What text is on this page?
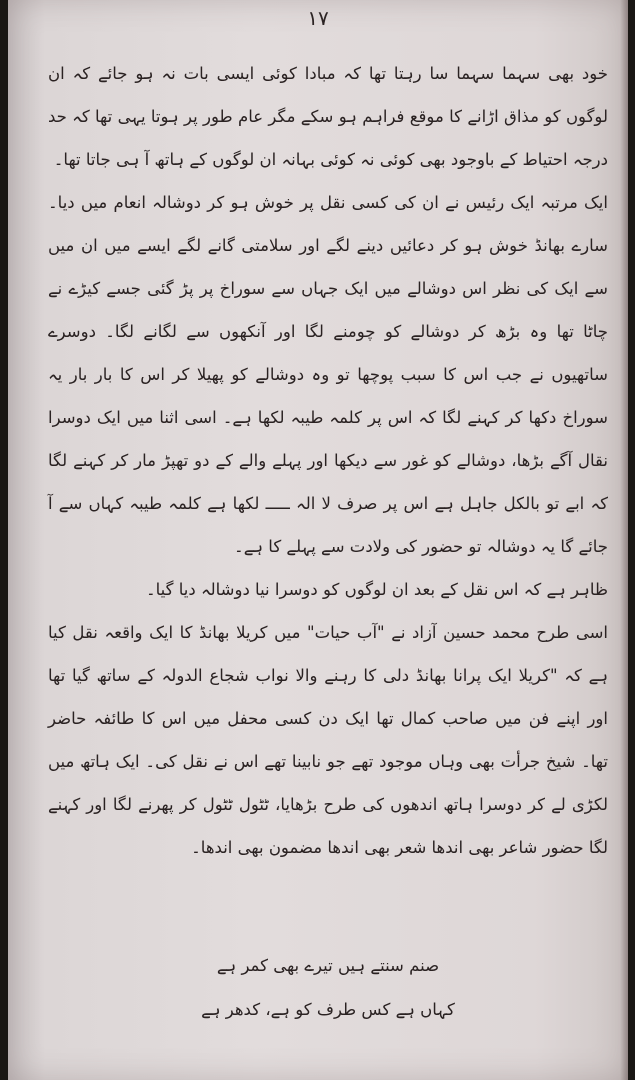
۱۷

خود بھی سہما سہما سا رہتا تھا کہ مبادا کوئی ایسی بات نہ ہو جائے کہ ان لوگوں کو مذاق اڑانے کا موقع فراہم ہو سکے مگر عام طور پر ہوتا یہی تھا کہ حد درجہ احتیاط کے باوجود بھی کوئی نہ کوئی بہانہ ان لوگوں کے ہاتھ آ ہی جاتا تھا۔

ایک مرتبہ ایک رئیس نے ان کی کسی نقل پر خوش ہو کر دوشالہ انعام میں دیا۔ سارے بھانڈ خوش ہو کر دعائیں دینے لگے اور سلامتی گانے لگے ایسے میں ان میں سے ایک کی نظر اس دوشالے میں ایک جہاں سے سوراخ پر پڑ گئی جسے کیڑے نے چاٹا تھا وہ بڑھ کر دوشالے کو چومنے لگا اور آنکھوں سے لگانے لگا۔ دوسرے ساتھیوں نے جب اس کا سبب پوچھا تو وہ دوشالے کو پھیلا کر اس کا بار بار یہ سوراخ دکھا کر کہنے لگا کہ اس پر کلمہ طیبہ لکھا ہے۔ اسی اثنا میں ایک دوسرا نقال آگے بڑھا، دوشالے کو غور سے دیکھا اور پہلے والے کے دو تھپڑ مار کر کہنے لگا کہ ابے تو بالکل جاہل ہے اس پر صرف لا الہ ـــــ لکھا ہے کلمہ طیبہ کہاں سے آ جائے گا یہ دوشالہ تو حضور کی ولادت سے پہلے کا ہے۔

ظاہر ہے کہ اس نقل کے بعد ان لوگوں کو دوسرا نیا دوشالہ دیا گیا۔

اسی طرح محمد حسین آزاد نے "آب حیات" میں کریلا بھانڈ کا ایک واقعہ نقل کیا ہے کہ "کریلا ایک پرانا بھانڈ دلی کا رہنے والا نواب شجاع الدولہ کے ساتھ گیا تھا اور اپنے فن میں صاحب کمال تھا ایک دن کسی محفل میں اس کا طائفہ حاضر تھا۔ شیخ جرأت بھی وہاں موجود تھے جو نابینا تھے اس نے نقل کی۔ ایک ہاتھ میں لکڑی لے کر دوسرا ہاتھ اندھوں کی طرح بڑھایا، ٹٹول ٹٹول کر پھرنے لگا اور کہنے لگا حضور شاعر بھی اندھا شعر بھی اندھا مضمون بھی اندھا۔

صنم سنتے ہیں تیرے بھی کمر ہے
کہاں ہے کس طرف کو ہے، کدھر ہے
